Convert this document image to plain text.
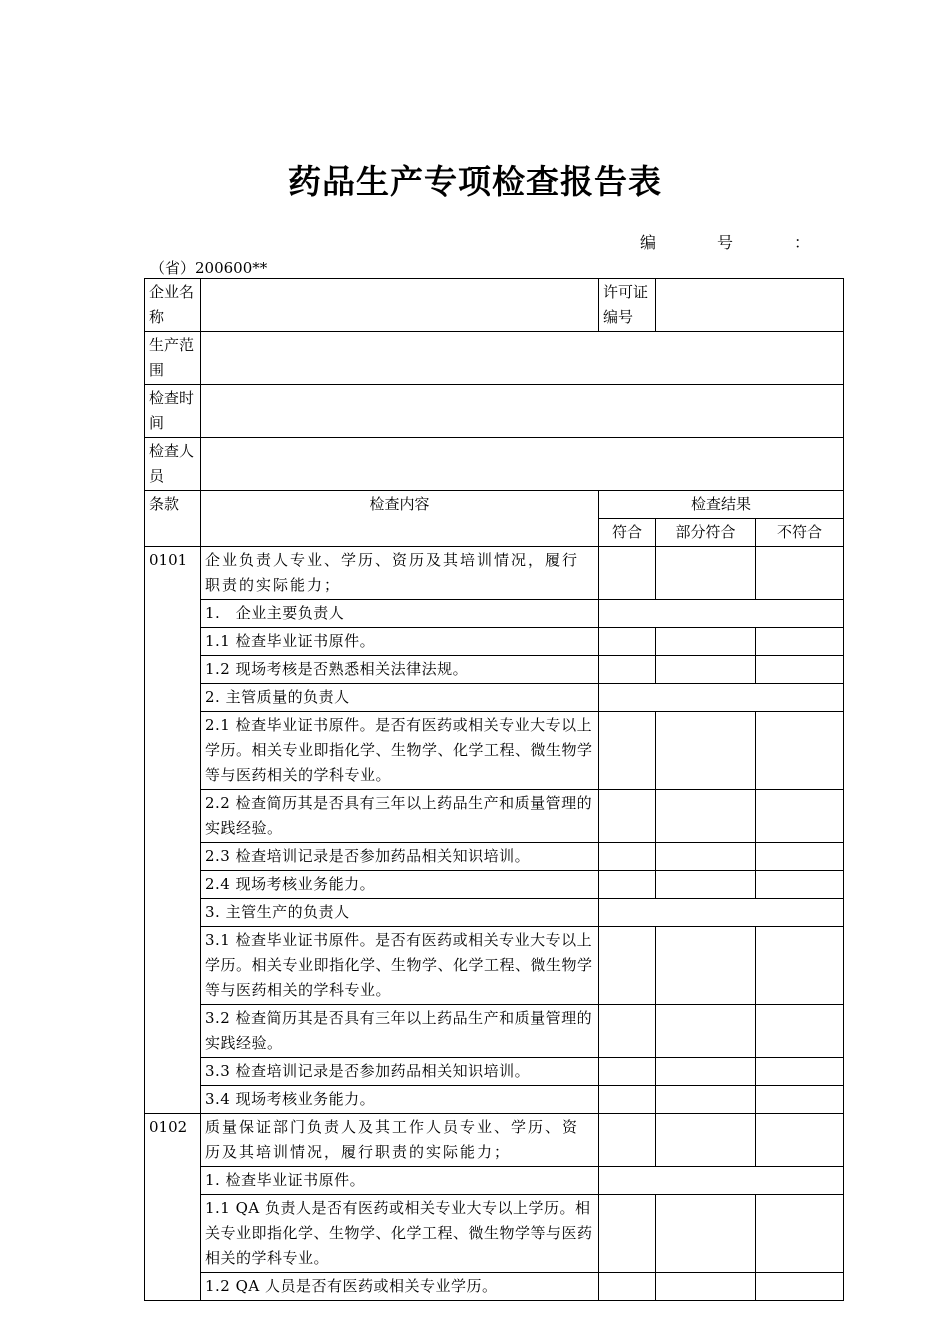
药品生产专项检查报告表
编	号	：
（省）200600**
企业名称		许可证
编号		
生产范围				
检查时间				
检查人员				
条款	检查内容	检查结果		
		符合	部分符合	不符合
0101	企业负责人专业、学历、资历及其培训情况，履行职责的实际能力；			
	1.　企业主要负责人			
	1.1 检查毕业证书原件。			
	1.2 现场考核是否熟悉相关法律法规。			
	2. 主管质量的负责人			
	2.1 检查毕业证书原件。是否有医药或相关专业大专以上学历。相关专业即指化学、生物学、化学工程、微生物学等与医药相关的学科专业。			
	2.2 检查简历其是否具有三年以上药品生产和质量管理的实践经验。			
	2.3 检查培训记录是否参加药品相关知识培训。			
	2.4 现场考核业务能力。			
	3. 主管生产的负责人			
	3.1 检查毕业证书原件。是否有医药或相关专业大专以上学历。相关专业即指化学、生物学、化学工程、微生物学等与医药相关的学科专业。			
	3.2 检查简历其是否具有三年以上药品生产和质量管理的实践经验。			
	3.3 检查培训记录是否参加药品相关知识培训。			
	3.4 现场考核业务能力。			
0102	质量保证部门负责人及其工作人员专业、学历、资历及其培训情况，履行职责的实际能力；			
	1. 检查毕业证书原件。			
	1.1 QA 负责人是否有医药或相关专业大专以上学历。相关专业即指化学、生物学、化学工程、微生物学等与医药相关的学科专业。			
	1.2 QA 人员是否有医药或相关专业学历。			
